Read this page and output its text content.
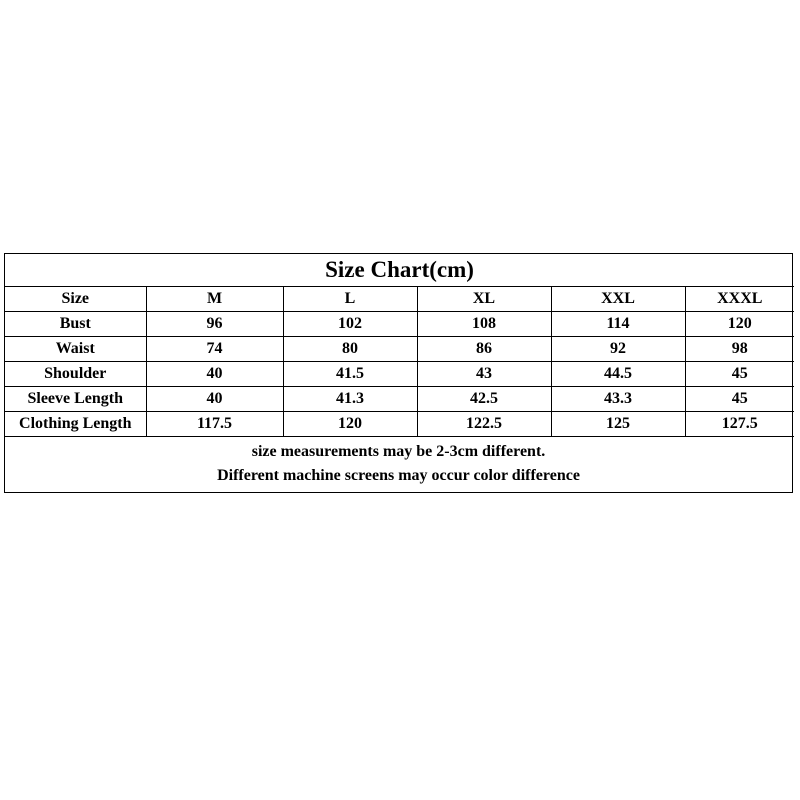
Size Chart(cm)					
Size	M	L	XL	XXL	XXXL
Bust	96	102	108	114	120
Waist	74	80	86	92	98
Shoulder	40	41.5	43	44.5	45
Sleeve Length	40	41.3	42.5	43.3	45
Clothing Length	117.5	120	122.5	125	127.5
size measurements may be 2-3cm different.
Different machine screens may occur color difference
